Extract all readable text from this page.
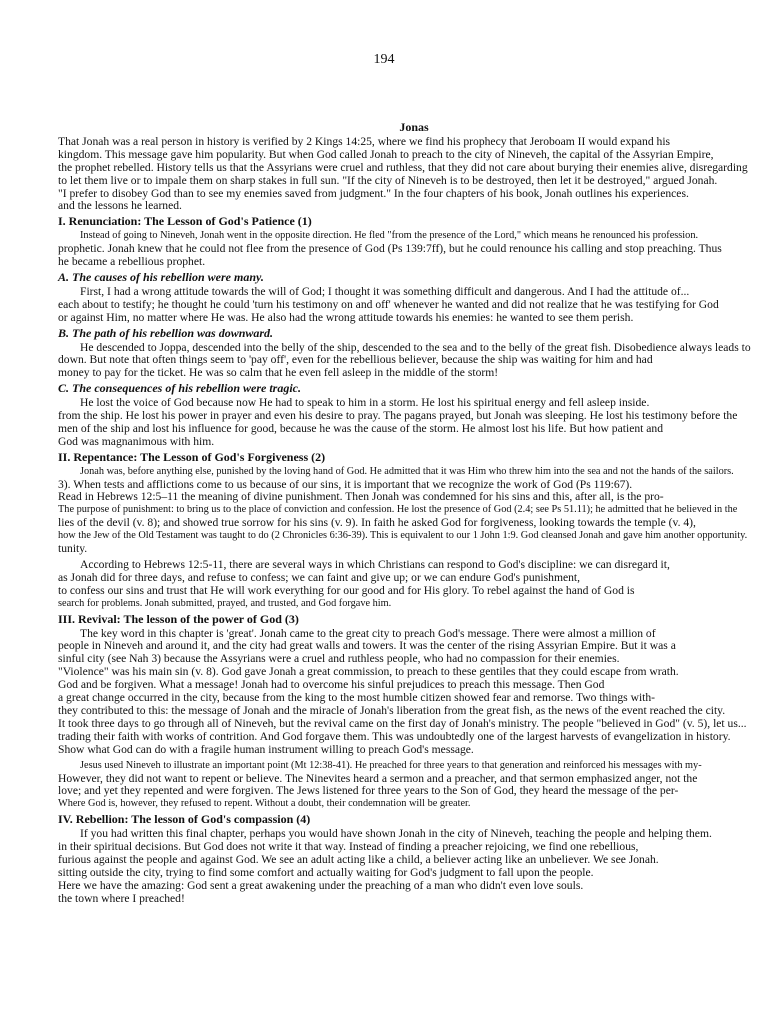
194
Jonas
That Jonah was a real person in history is verified by 2 Kings 14:25, where we find his prophecy that Jeroboam II would expand his
kingdom. This message gave him popularity. But when God called Jonah to preach to the city of Nineveh, the capital of the Assyrian Empire,
the prophet rebelled. History tells us that the Assyrians were cruel and ruthless, that they did not care about burying their enemies alive, disregarding
to let them live or to impale them on sharp stakes in full sun. "If the city of Nineveh is to be destroyed, then let it be destroyed," argued Jonah.
"I prefer to disobey God than to see my enemies saved from judgment." In the four chapters of his book, Jonah outlines his experiences.
and the lessons he learned.
I. Renunciation: The Lesson of God's Patience (1)
Instead of going to Nineveh, Jonah went in the opposite direction. He fled "from the presence of the Lord," which means he renounced his profession.
prophetic. Jonah knew that he could not flee from the presence of God (Ps 139:7ff), but he could renounce his calling and stop preaching. Thus
he became a rebellious prophet.
A. The causes of his rebellion were many.
First, I had a wrong attitude towards the will of God; I thought it was something difficult and dangerous. And I had the attitude of...
each about to testify; he thought he could 'turn his testimony on and off' whenever he wanted and did not realize that he was testifying for God
or against Him, no matter where He was. He also had the wrong attitude towards his enemies: he wanted to see them perish.
B. The path of his rebellion was downward.
He descended to Joppa, descended into the belly of the ship, descended to the sea and to the belly of the great fish. Disobedience always leads to
down. But note that often things seem to 'pay off', even for the rebellious believer, because the ship was waiting for him and had
money to pay for the ticket. He was so calm that he even fell asleep in the middle of the storm!
C. The consequences of his rebellion were tragic.
He lost the voice of God because now He had to speak to him in a storm. He lost his spiritual energy and fell asleep inside.
from the ship. He lost his power in prayer and even his desire to pray. The pagans prayed, but Jonah was sleeping. He lost his testimony before the
men of the ship and lost his influence for good, because he was the cause of the storm. He almost lost his life. But how patient and
God was magnanimous with him.
II. Repentance: The Lesson of God's Forgiveness (2)
Jonah was, before anything else, punished by the loving hand of God. He admitted that it was Him who threw him into the sea and not the hands of the sailors.
3). When tests and afflictions come to us because of our sins, it is important that we recognize the work of God (Ps 119:67).
Read in Hebrews 12:5–11 the meaning of divine punishment. Then Jonah was condemned for his sins and this, after all, is the pro-
The purpose of punishment: to bring us to the place of conviction and confession. He lost the presence of God (2.4; see Ps 51.11); he admitted that he believed in the
lies of the devil (v. 8); and showed true sorrow for his sins (v. 9). In faith he asked God for forgiveness, looking towards the temple (v. 4),
how the Jew of the Old Testament was taught to do (2 Chronicles 6:36-39). This is equivalent to our 1 John 1:9. God cleansed Jonah and gave him another opportunity.
tunity.
According to Hebrews 12:5-11, there are several ways in which Christians can respond to God's discipline: we can disregard it,
as Jonah did for three days, and refuse to confess; we can faint and give up; or we can endure God's punishment,
to confess our sins and trust that He will work everything for our good and for His glory. To rebel against the hand of God is
search for problems. Jonah submitted, prayed, and trusted, and God forgave him.
III. Revival: The lesson of the power of God (3)
The key word in this chapter is 'great'. Jonah came to the great city to preach God's message. There were almost a million of
people in Nineveh and around it, and the city had great walls and towers. It was the center of the rising Assyrian Empire. But it was a
sinful city (see Nah 3) because the Assyrians were a cruel and ruthless people, who had no compassion for their enemies.
"Violence" was his main sin (v. 8). God gave Jonah a great commission, to preach to these gentiles that they could escape from wrath.
God and be forgiven. What a message! Jonah had to overcome his sinful prejudices to preach this message. Then God
a great change occurred in the city, because from the king to the most humble citizen showed fear and remorse. Two things with-
they contributed to this: the message of Jonah and the miracle of Jonah's liberation from the great fish, as the news of the event reached the city.
It took three days to go through all of Nineveh, but the revival came on the first day of Jonah's ministry. The people "believed in God" (v. 5), let us...
trading their faith with works of contrition. And God forgave them. This was undoubtedly one of the largest harvests of evangelization in history.
Show what God can do with a fragile human instrument willing to preach God's message.
Jesus used Nineveh to illustrate an important point (Mt 12:38-41). He preached for three years to that generation and reinforced his messages with my-
However, they did not want to repent or believe. The Ninevites heard a sermon and a preacher, and that sermon emphasized anger, not the
love; and yet they repented and were forgiven. The Jews listened for three years to the Son of God, they heard the message of the per-
Where God is, however, they refused to repent. Without a doubt, their condemnation will be greater.
IV. Rebellion: The lesson of God's compassion (4)
If you had written this final chapter, perhaps you would have shown Jonah in the city of Nineveh, teaching the people and helping them.
in their spiritual decisions. But God does not write it that way. Instead of finding a preacher rejoicing, we find one rebellious,
furious against the people and against God. We see an adult acting like a child, a believer acting like an unbeliever. We see Jonah.
sitting outside the city, trying to find some comfort and actually waiting for God's judgment to fall upon the people.
Here we have the amazing: God sent a great awakening under the preaching of a man who didn't even love souls.
the town where I preached!
